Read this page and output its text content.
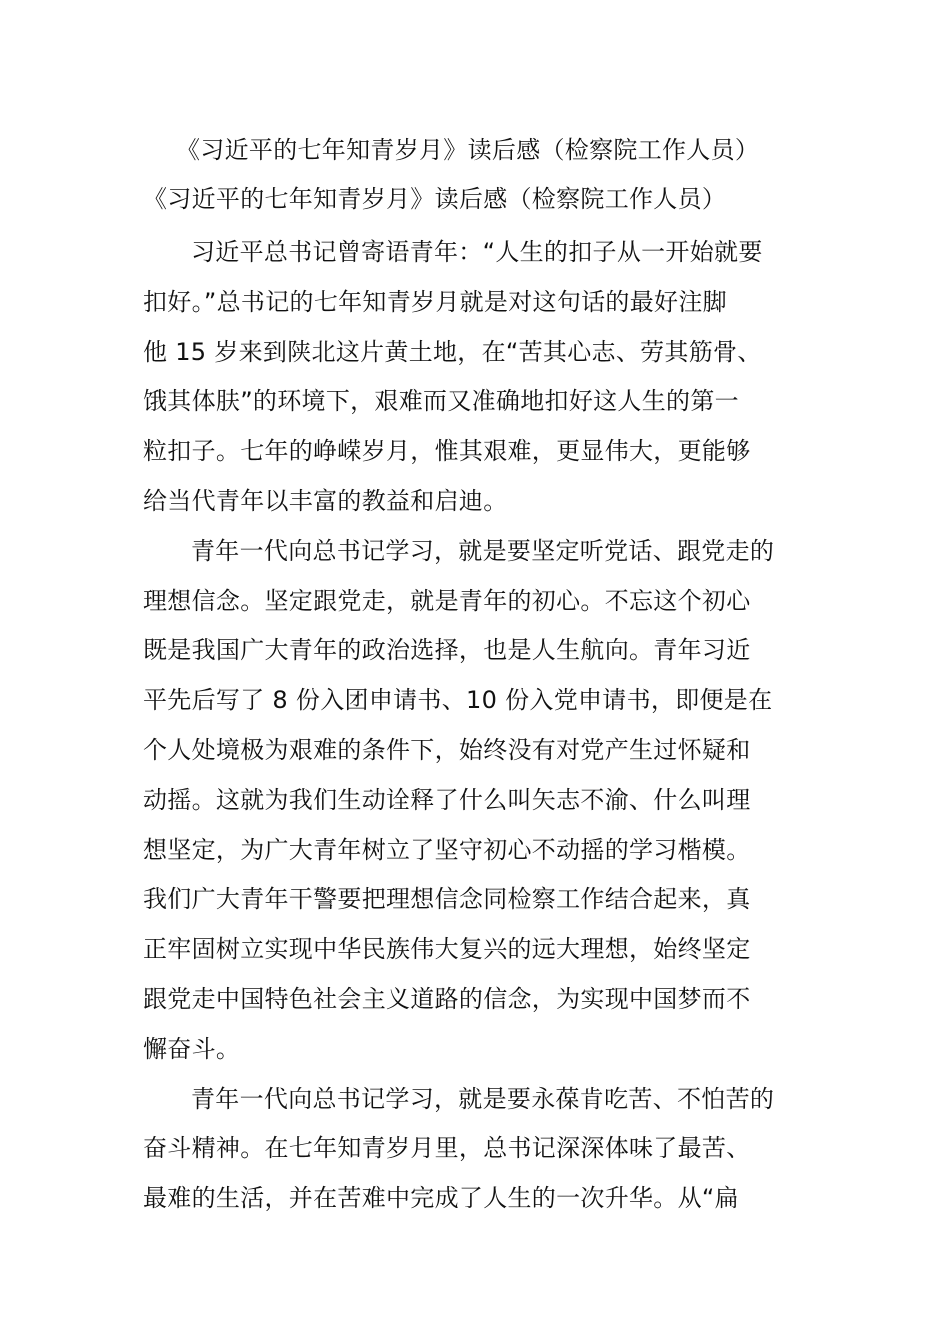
《习近平的七年知青岁月》读后感（检察院工作人员）
《习近平的七年知青岁月》读后感（检察院工作人员）
习近平总书记曾寄语青年：“人生的扣子从一开始就要
扣好。”总书记的七年知青岁月就是对这句话的最好注脚
他 15 岁来到陕北这片黄土地，在“苦其心志、劳其筋骨、
饿其体肤”的环境下，艰难而又准确地扣好这人生的第一
粒扣子。七年的峥嵘岁月，惟其艰难，更显伟大，更能够
给当代青年以丰富的教益和启迪。
青年一代向总书记学习，就是要坚定听党话、跟党走的
理想信念。坚定跟党走，就是青年的初心。不忘这个初心
既是我国广大青年的政治选择，也是人生航向。青年习近
平先后写了 8 份入团申请书、10 份入党申请书，即便是在
个人处境极为艰难的条件下，始终没有对党产生过怀疑和
动摇。这就为我们生动诠释了什么叫矢志不渝、什么叫理
想坚定，为广大青年树立了坚守初心不动摇的学习楷模。
我们广大青年干警要把理想信念同检察工作结合起来，真
正牢固树立实现中华民族伟大复兴的远大理想，始终坚定
跟党走中国特色社会主义道路的信念，为实现中国梦而不
懈奋斗。
青年一代向总书记学习，就是要永葆肯吃苦、不怕苦的
奋斗精神。在七年知青岁月里，总书记深深体味了最苦、
最难的生活，并在苦难中完成了人生的一次升华。从“扁
